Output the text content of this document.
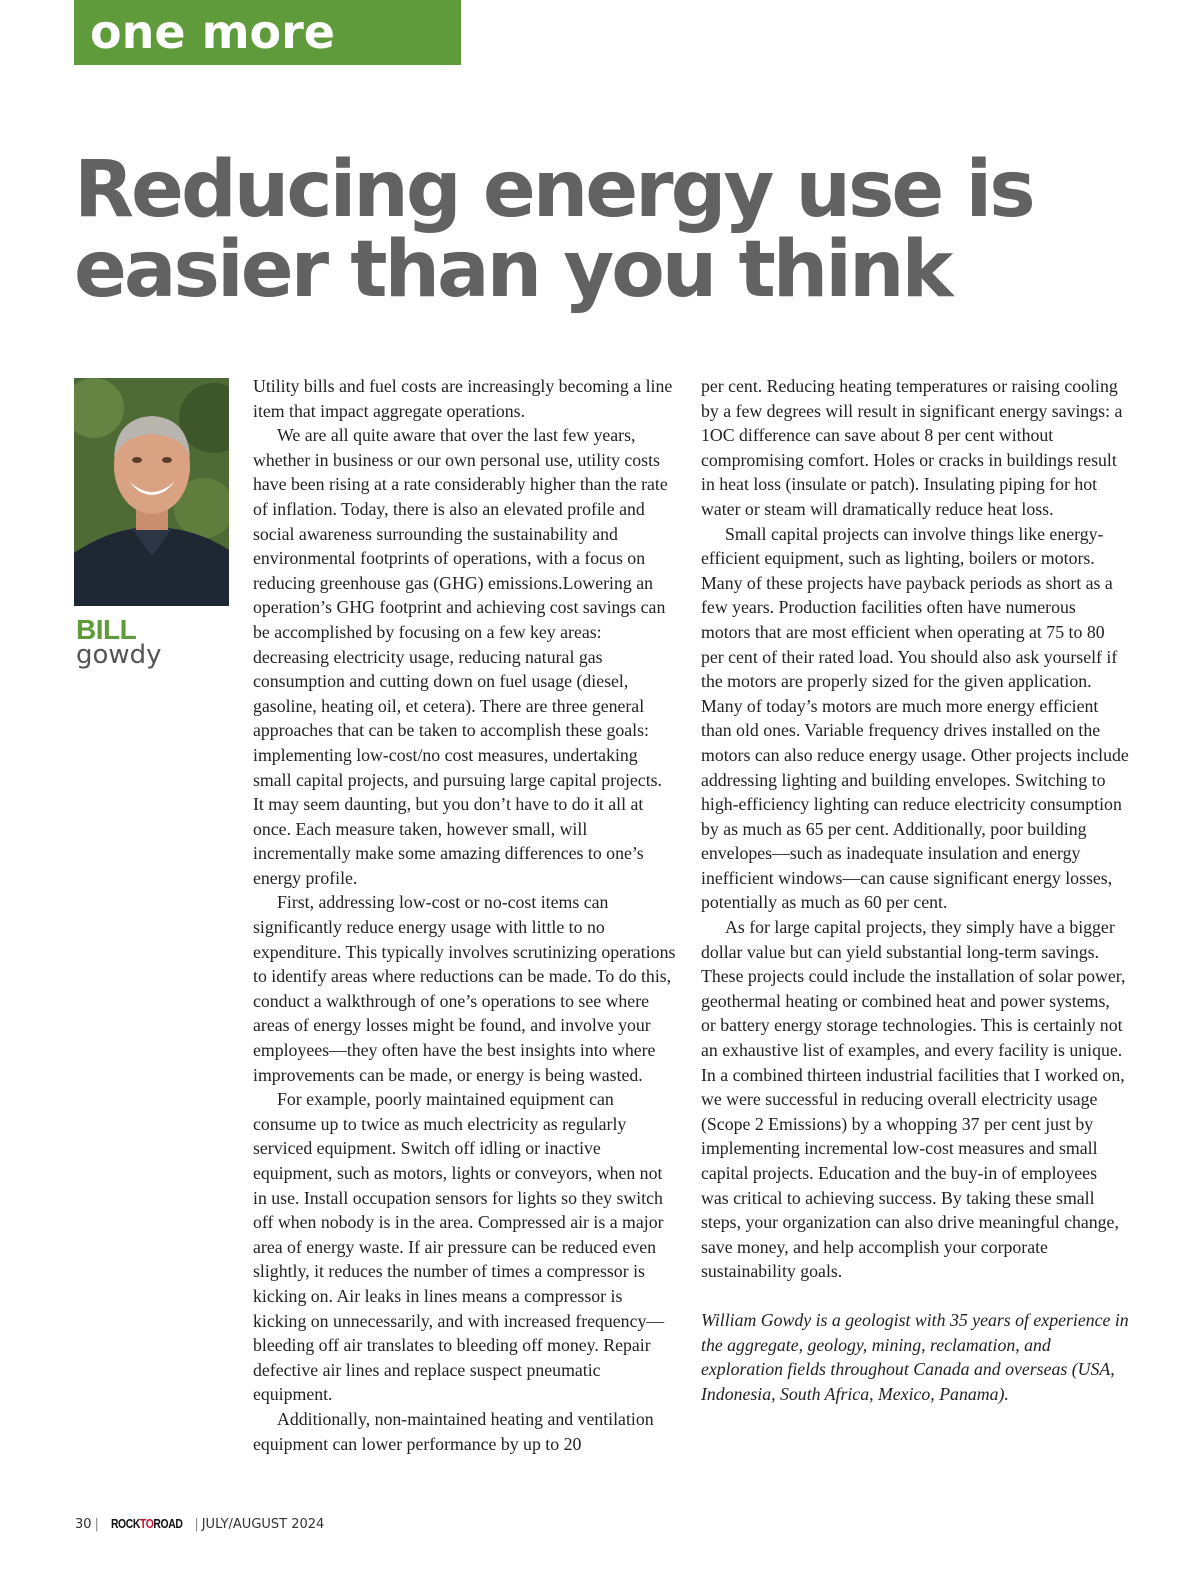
one more load
Reducing energy use is
easier than you think
BILL
gowdy

Utility bills and fuel costs are increasingly becoming a line item that impact aggregate operations.

We are all quite aware that over the last few years, whether in business or our own personal use, utility costs have been rising at a rate considerably higher than the rate of inflation. Today, there is also an elevated profile and social awareness surrounding the sustainability and environmental footprints of operations, with a focus on reducing greenhouse gas (GHG) emissions.Lowering an operation’s GHG footprint and achieving cost savings can be accomplished by focusing on a few key areas: decreasing electricity usage, reducing natural gas consumption and cutting down on fuel usage (diesel, gasoline, heating oil, et cetera). There are three general approaches that can be taken to accomplish these goals: implementing low-cost/no cost measures, undertaking small capital projects, and pursuing large capital projects. It may seem daunting, but you don’t have to do it all at once. Each measure taken, however small, will incrementally make some amazing differences to one’s energy profile.

First, addressing low-cost or no-cost items can significantly reduce energy usage with little to no expenditure. This typically involves scrutinizing operations to identify areas where reductions can be made. To do this, conduct a walkthrough of one’s operations to see where areas of energy losses might be found, and involve your employees—they often have the best insights into where improvements can be made, or energy is being wasted.

For example, poorly maintained equipment can consume up to twice as much electricity as regularly serviced equipment. Switch off idling or inactive equipment, such as motors, lights or conveyors, when not in use. Install occupation sensors for lights so they switch off when nobody is in the area. Compressed air is a major area of energy waste. If air pressure can be reduced even slightly, it reduces the number of times a compressor is kicking on. Air leaks in lines means a compressor is kicking on unnecessarily, and with increased frequency—bleeding off air translates to bleeding off money. Repair defective air lines and replace suspect pneumatic equipment.

Additionally, non-maintained heating and ventilation equipment can lower performance by up to 20

per cent. Reducing heating temperatures or raising cooling by a few degrees will result in significant energy savings: a 1OC difference can save about 8 per cent without compromising comfort. Holes or cracks in buildings result in heat loss (insulate or patch). Insulating piping for hot water or steam will dramatically reduce heat loss.

Small capital projects can involve things like energy-efficient equipment, such as lighting, boilers or motors. Many of these projects have payback periods as short as a few years. Production facilities often have numerous motors that are most efficient when operating at 75 to 80 per cent of their rated load. You should also ask yourself if the motors are properly sized for the given application. Many of today’s motors are much more energy efficient than old ones. Variable frequency drives installed on the motors can also reduce energy usage. Other projects include addressing lighting and building envelopes. Switching to high-efficiency lighting can reduce electricity consumption by as much as 65 per cent. Additionally, poor building envelopes—such as inadequate insulation and energy inefficient windows—can cause significant energy losses, potentially as much as 60 per cent.

As for large capital projects, they simply have a bigger dollar value but can yield substantial long-term savings. These projects could include the installation of solar power, geothermal heating or combined heat and power systems, or battery energy storage technologies. This is certainly not an exhaustive list of examples, and every facility is unique. In a combined thirteen industrial facilities that I worked on, we were successful in reducing overall electricity usage (Scope 2 Emissions) by a whopping 37 per cent just by implementing incremental low-cost measures and small capital projects. Education and the buy-in of employees was critical to achieving success. By taking these small steps, your organization can also drive meaningful change, save money, and help accomplish your corporate sustainability goals.

William Gowdy is a geologist with 35 years of experience in the aggregate, geology, mining, reclamation, and exploration fields throughout Canada and overseas (USA, Indonesia, South Africa, Mexico, Panama).

30 | ROCKTOROAD | JULY/AUGUST 2024
